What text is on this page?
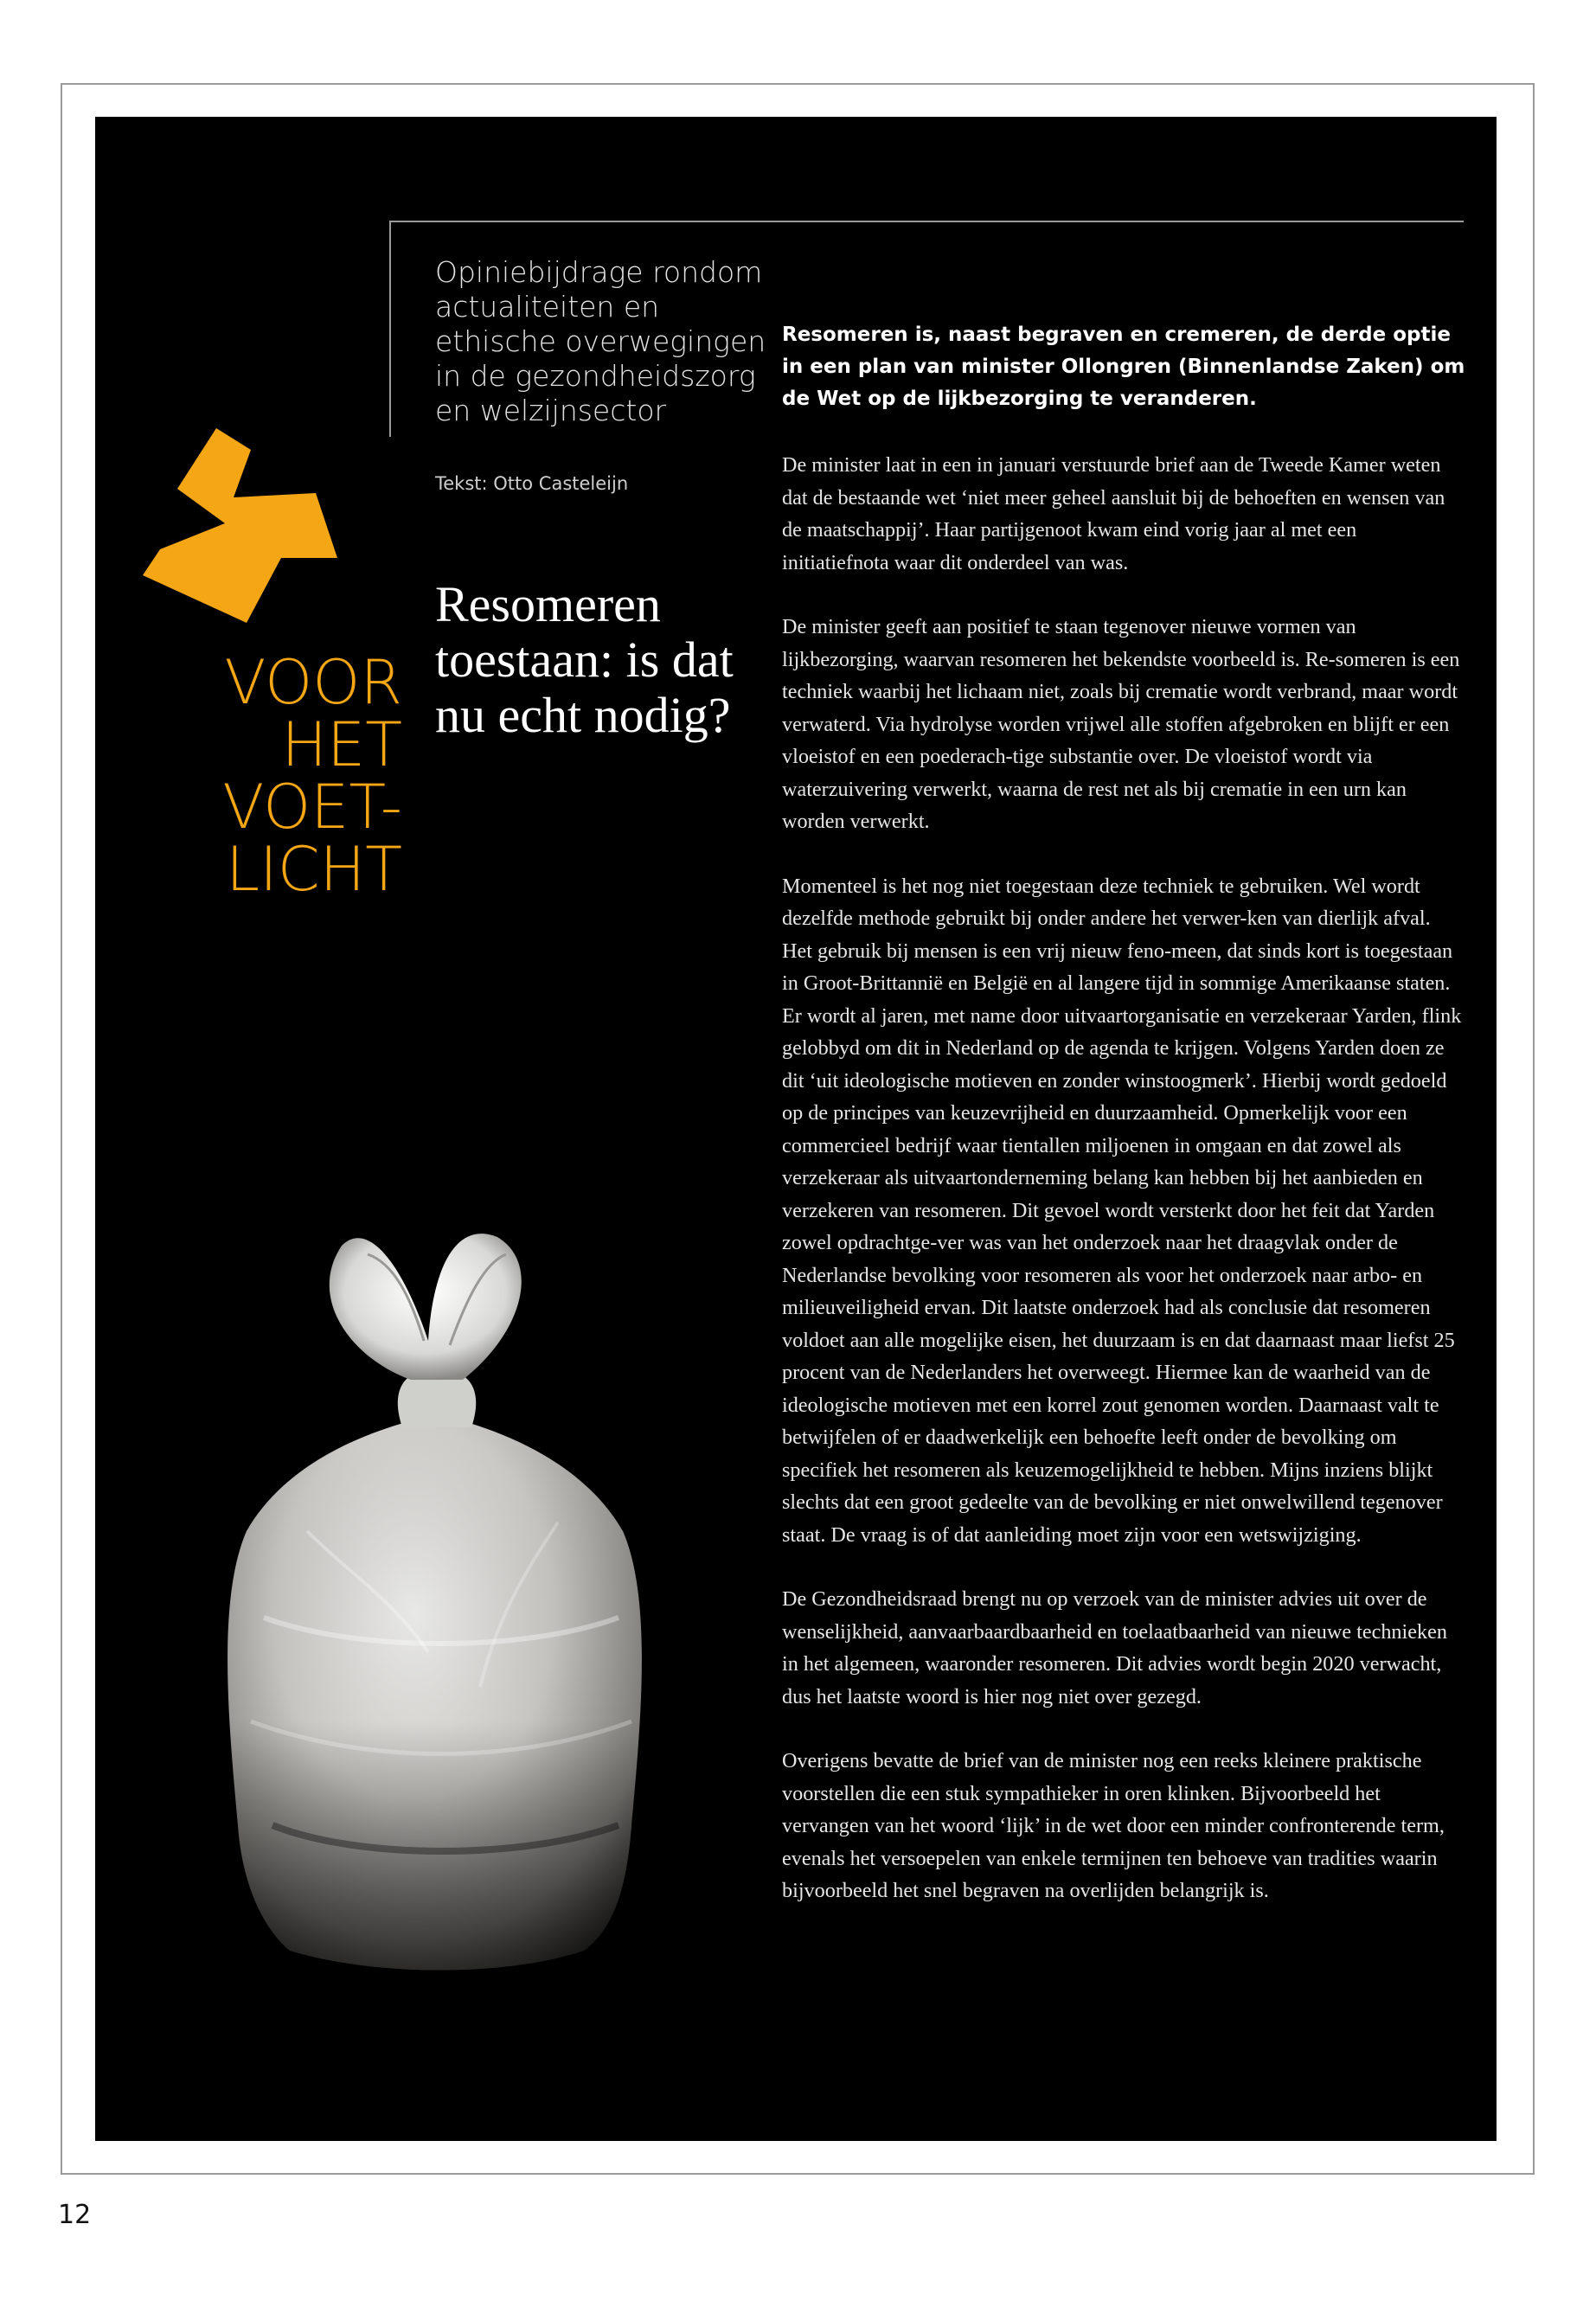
Opiniebijdrage rondom actualiteiten en ethische overwegingen in de gezondheidszorg en welzijnsector

Tekst: Otto Casteleijn

VOOR
HET
VOET-
LICHT
Resomeren toestaan: is dat nu echt nodig?

Resomeren is, naast begraven en cremeren, de derde optie in een plan van minister Ollongren (Binnenlandse Zaken) om de Wet op de lijkbezorging te veranderen.

De minister laat in een in januari verstuurde brief aan de Tweede Kamer weten dat de bestaande wet ‘niet meer geheel aansluit bij de behoeften en wensen van de maatschappij’. Haar partijgenoot kwam eind vorig jaar al met een initiatiefnota waar dit onderdeel van was.

De minister geeft aan positief te staan tegenover nieuwe vormen van lijkbezorging, waarvan resomeren het bekendste voorbeeld is. Re-someren is een techniek waarbij het lichaam niet, zoals bij crematie wordt verbrand, maar wordt verwaterd. Via hydrolyse worden vrijwel alle stoffen afgebroken en blijft er een vloeistof en een poederach-tige substantie over. De vloeistof wordt via waterzuivering verwerkt, waarna de rest net als bij crematie in een urn kan worden verwerkt.

Momenteel is het nog niet toegestaan deze techniek te gebruiken. Wel wordt dezelfde methode gebruikt bij onder andere het verwer-ken van dierlijk afval. Het gebruik bij mensen is een vrij nieuw feno-meen, dat sinds kort is toegestaan in Groot-Brittannië en België en al langere tijd in sommige Amerikaanse staten. Er wordt al jaren, met name door uitvaartorganisatie en verzekeraar Yarden, flink gelobbyd om dit in Nederland op de agenda te krijgen. Volgens Yarden doen ze dit ‘uit ideologische motieven en zonder winstoogmerk’. Hierbij wordt gedoeld op de principes van keuzevrijheid en duurzaamheid. Opmerkelijk voor een commercieel bedrijf waar tientallen miljoenen in omgaan en dat zowel als verzekeraar als uitvaartonderneming belang kan hebben bij het aanbieden en verzekeren van resomeren. Dit gevoel wordt versterkt door het feit dat Yarden zowel opdrachtge-ver was van het onderzoek naar het draagvlak onder de Nederlandse bevolking voor resomeren als voor het onderzoek naar arbo- en milieuveiligheid ervan. Dit laatste onderzoek had als conclusie dat resomeren voldoet aan alle mogelijke eisen, het duurzaam is en dat daarnaast maar liefst 25 procent van de Nederlanders het overweegt. Hiermee kan de waarheid van de ideologische motieven met een korrel zout genomen worden. Daarnaast valt te betwijfelen of er daadwerkelijk een behoefte leeft onder de bevolking om specifiek het resomeren als keuzemogelijkheid te hebben. Mijns inziens blijkt slechts dat een groot gedeelte van de bevolking er niet onwelwillend tegenover staat. De vraag is of dat aanleiding moet zijn voor een wetswijziging.

De Gezondheidsraad brengt nu op verzoek van de minister advies uit over de wenselijkheid, aanvaarbaardbaarheid en toelaatbaarheid van nieuwe technieken in het algemeen, waaronder resomeren. Dit advies wordt begin 2020 verwacht, dus het laatste woord is hier nog niet over gezegd.

Overigens bevatte de brief van de minister nog een reeks kleinere praktische voorstellen die een stuk sympathieker in oren klinken. Bijvoorbeeld het vervangen van het woord ‘lijk’ in de wet door een minder confronterende term, evenals het versoepelen van enkele termijnen ten behoeve van tradities waarin bijvoorbeeld het snel begraven na overlijden belangrijk is.

12
